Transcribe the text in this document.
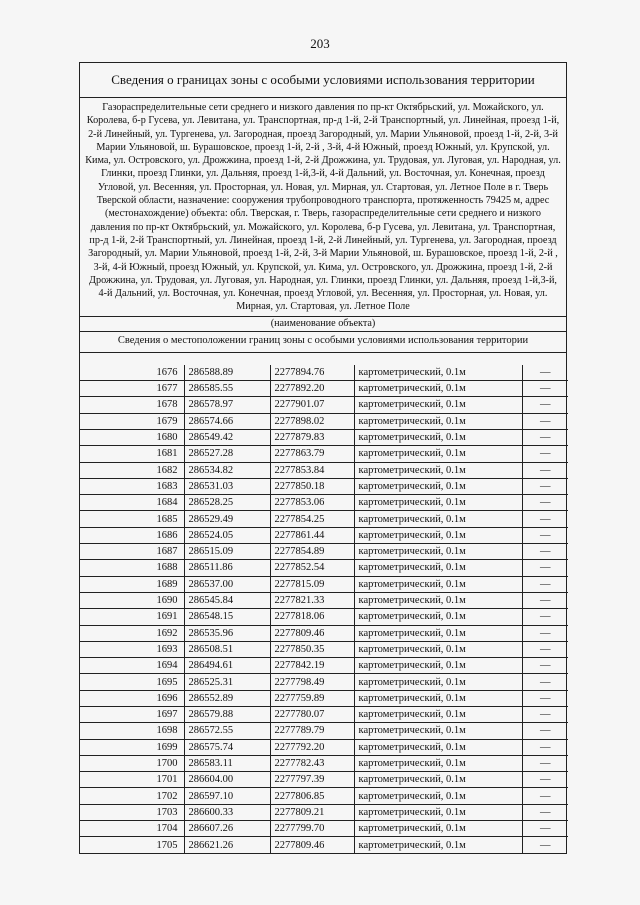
203
Сведения о границах зоны с особыми условиями использования территории
Газораспределительные сети среднего и низкого давления по пр-кт Октябрьский, ул. Можайского, ул. Королева, б-р Гусева, ул. Левитана, ул. Транспортная, пр-д 1-й, 2-й Транспортный, ул. Линейная, проезд 1-й, 2-й Линейный, ул. Тургенева, ул. Загородная, проезд Загородный, ул. Марии Ульяновой, проезд 1-й, 2-й, 3-й Марии Ульяновой, ш. Бурашовское, проезд 1-й, 2-й , 3-й, 4-й Южный, проезд Южный, ул. Крупской, ул. Кима, ул. Островского, ул. Дрожжина, проезд 1-й, 2-й Дрожжина, ул. Трудовая, ул. Луговая, ул. Народная, ул. Глинки, проезд Глинки, ул. Дальняя, проезд 1-й,3-й, 4-й Дальний, ул. Восточная, ул. Конечная, проезд Угловой, ул. Весенняя, ул. Просторная, ул. Новая, ул. Мирная, ул. Стартовая, ул. Летное Поле в г. Тверь Тверской области, назначение: сооружения трубопроводного транспорта, протяженность 79425 м, адрес (местонахождение) объекта: обл. Тверская, г. Тверь, газораспределительные сети среднего и низкого давления по пр-кт Октябрьский, ул. Можайского, ул. Королева, б-р Гусева, ул. Левитана, ул. Транспортная, пр-д 1-й, 2-й Транспортный, ул. Линейная, проезд 1-й, 2-й Линейный, ул. Тургенева, ул. Загородная, проезд Загородный, ул. Марии Ульяновой, проезд 1-й, 2-й, 3-й Марии Ульяновой, ш. Бурашовское, проезд 1-й, 2-й , 3-й, 4-й Южный, проезд Южный, ул. Крупской, ул. Кима, ул. Островского, ул. Дрожжина, проезд 1-й, 2-й Дрожжина, ул. Трудовая, ул. Луговая, ул. Народная, ул. Глинки, проезд Глинки, ул. Дальняя, проезд 1-й,3-й, 4-й Дальний, ул. Восточная, ул. Конечная, проезд Угловой, ул. Весенняя, ул. Просторная, ул. Новая, ул. Мирная, ул. Стартовая, ул. Летное Поле
(наименование объекта)
Сведения о местоположении границ зоны с особыми условиями использования территории
1676	286588.89	2277894.76	картометрический, 0.1м	—
1677	286585.55	2277892.20	картометрический, 0.1м	—
1678	286578.97	2277901.07	картометрический, 0.1м	—
1679	286574.66	2277898.02	картометрический, 0.1м	—
1680	286549.42	2277879.83	картометрический, 0.1м	—
1681	286527.28	2277863.79	картометрический, 0.1м	—
1682	286534.82	2277853.84	картометрический, 0.1м	—
1683	286531.03	2277850.18	картометрический, 0.1м	—
1684	286528.25	2277853.06	картометрический, 0.1м	—
1685	286529.49	2277854.25	картометрический, 0.1м	—
1686	286524.05	2277861.44	картометрический, 0.1м	—
1687	286515.09	2277854.89	картометрический, 0.1м	—
1688	286511.86	2277852.54	картометрический, 0.1м	—
1689	286537.00	2277815.09	картометрический, 0.1м	—
1690	286545.84	2277821.33	картометрический, 0.1м	—
1691	286548.15	2277818.06	картометрический, 0.1м	—
1692	286535.96	2277809.46	картометрический, 0.1м	—
1693	286508.51	2277850.35	картометрический, 0.1м	—
1694	286494.61	2277842.19	картометрический, 0.1м	—
1695	286525.31	2277798.49	картометрический, 0.1м	—
1696	286552.89	2277759.89	картометрический, 0.1м	—
1697	286579.88	2277780.07	картометрический, 0.1м	—
1698	286572.55	2277789.79	картометрический, 0.1м	—
1699	286575.74	2277792.20	картометрический, 0.1м	—
1700	286583.11	2277782.43	картометрический, 0.1м	—
1701	286604.00	2277797.39	картометрический, 0.1м	—
1702	286597.10	2277806.85	картометрический, 0.1м	—
1703	286600.33	2277809.21	картометрический, 0.1м	—
1704	286607.26	2277799.70	картометрический, 0.1м	—
1705	286621.26	2277809.46	картометрический, 0.1м	—
